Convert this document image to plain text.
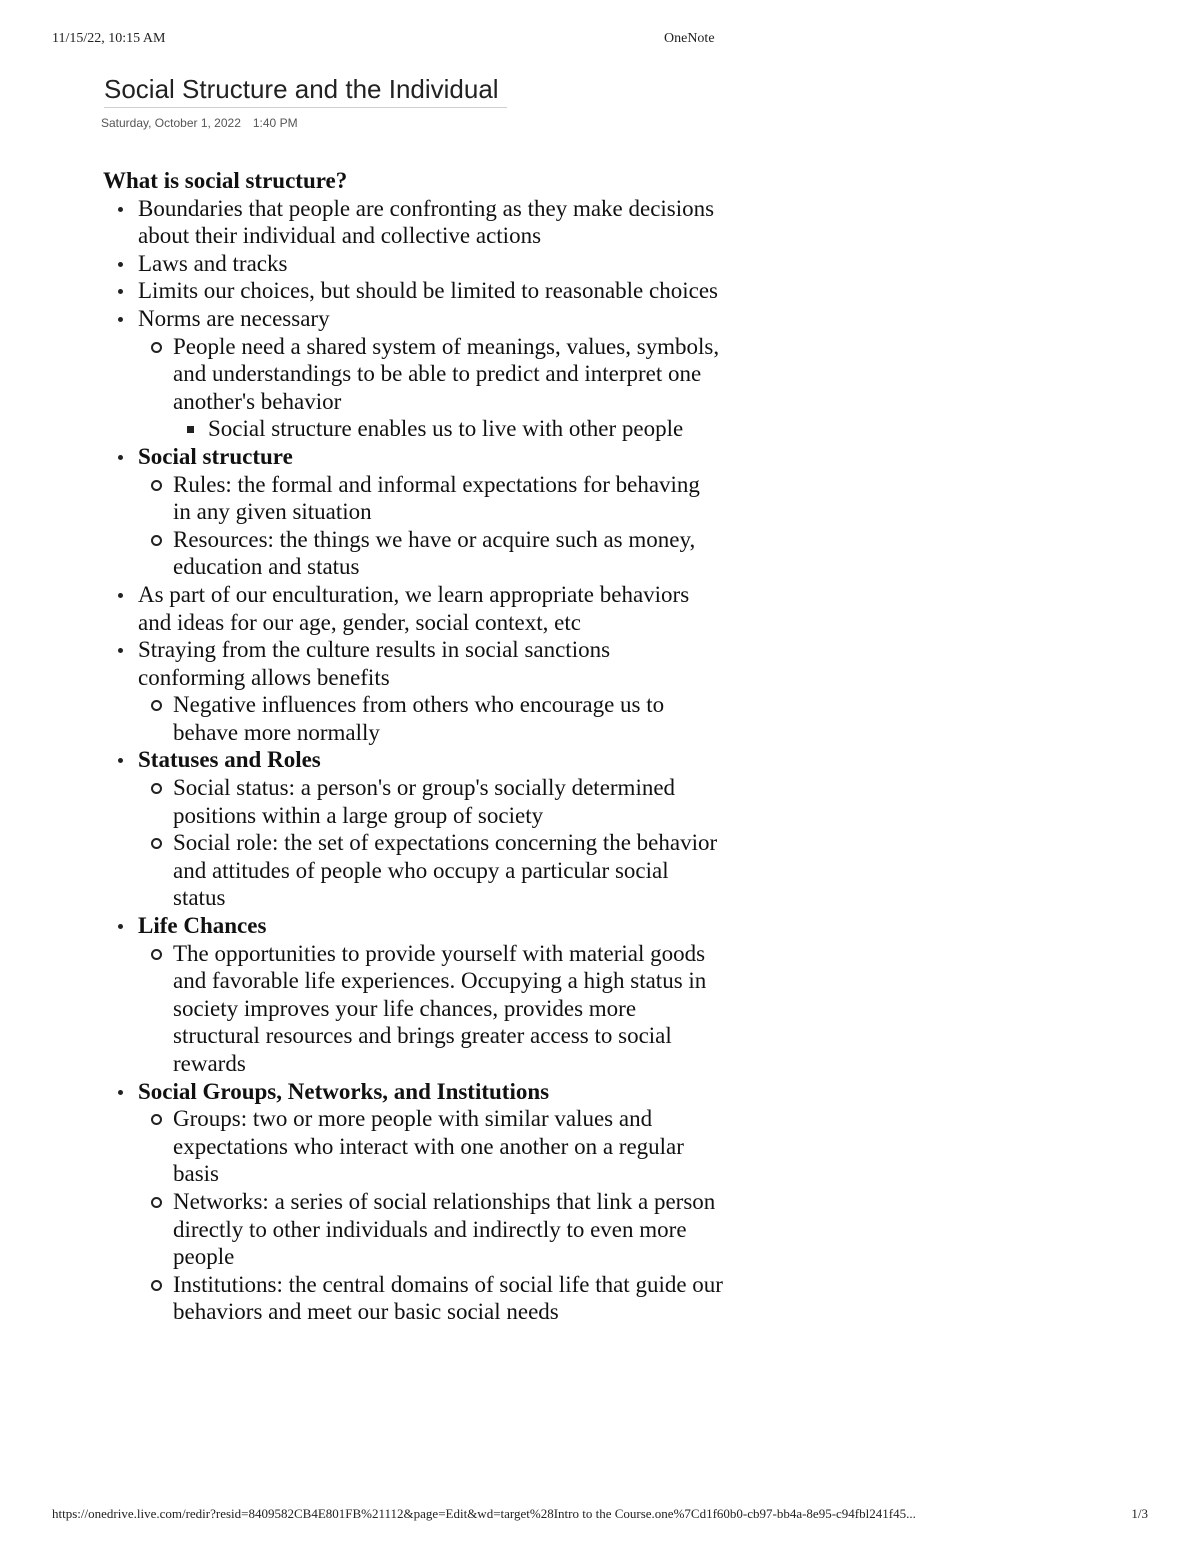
11/15/22, 10:15 AM	OneNote
Social Structure and the Individual
Saturday, October 1, 2022 1:40 PM

What is social structure?

Boundaries that people are confronting as they make decisions about their individual and collective actions
Laws and tracks
Limits our choices, but should be limited to reasonable choices
Norms are necessary
People need a shared system of meanings, values, symbols, and understandings to be able to predict and interpret one another's behavior
Social structure enables us to live with other people
Social structure
Rules: the formal and informal expectations for behaving in any given situation
Resources: the things we have or acquire such as money, education and status
As part of our enculturation, we learn appropriate behaviors and ideas for our age, gender, social context, etc
Straying from the culture results in social sanctions conforming allows benefits
Negative influences from others who encourage us to behave more normally
Statuses and Roles
Social status: a person's or group's socially determined positions within a large group of society
Social role: the set of expectations concerning the behavior and attitudes of people who occupy a particular social status
Life Chances
The opportunities to provide yourself with material goods and favorable life experiences. Occupying a high status in society improves your life chances, provides more structural resources and brings greater access to social rewards
Social Groups, Networks, and Institutions
Groups: two or more people with similar values and expectations who interact with one another on a regular basis
Networks: a series of social relationships that link a person directly to other individuals and indirectly to even more people
Institutions: the central domains of social life that guide our behaviors and meet our basic social needs
https://onedrive.live.com/redir?resid=8409582CB4E801FB%21112&page=Edit&wd=target%28Intro to the Course.one%7Cd1f60b0-cb97-bb4a-8e95-c94fbl241f45...	1/3
